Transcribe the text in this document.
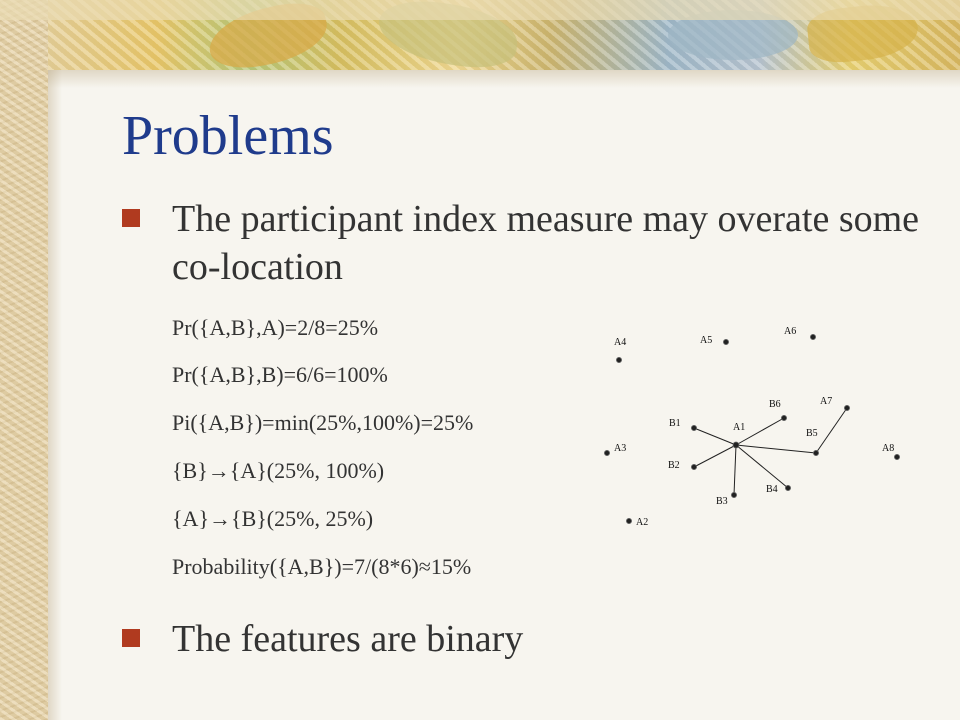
Problems
The participant index measure may overate some co-location
Pr({A,B},A)=2/8=25%
Pr({A,B},B)=6/6=100%
Pi({A,B})=min(25%,100%)=25%
{B}→{A}(25%, 100%)
{A}→{B}(25%, 25%)
Probability({A,B})=7/(8*6)≈15%
The features are binary
A1
A2
A3
A4	A5
A6
A7
A8
B1
B2
B3
B4
B5
B6
